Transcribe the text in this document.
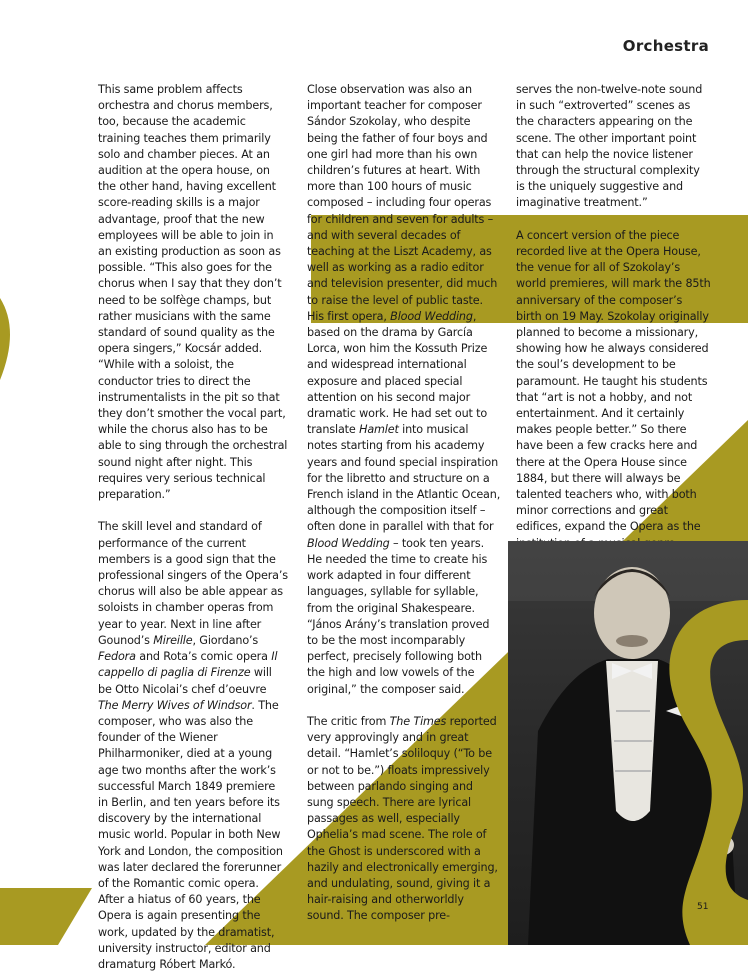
Orchestra

This same problem affects orchestra and chorus members, too, because the academic training teaches them primarily solo and chamber pieces. At an audition at the opera house, on the other hand, having excellent score-reading skills is a major advantage, proof that the new employees will be able to join in an existing production as soon as possible. “This also goes for the chorus when I say that they don’t need to be solfège champs, but rather musicians with the same standard of sound quality as the opera singers,” Kocsár added. “While with a soloist, the conductor tries to direct the instrumentalists in the pit so that they don’t smother the vocal part, while the chorus also has to be able to sing through the orchestral sound night after night. This requires very serious technical preparation.”

The skill level and standard of performance of the current members is a good sign that the professional singers of the Opera’s chorus will also be able appear as soloists in chamber operas from year to year. Next in line after Gounod’s Mireille, Giordano’s Fedora and Rota’s comic opera Il cappello di paglia di Firenze will be Otto Nicolai’s chef d’oeuvre The Merry Wives of Windsor. The composer, who was also the founder of the Wiener Philharmoniker, died at a young age two months after the work’s successful March 1849 premiere in Berlin, and ten years before its discovery by the international music world. Popular in both New York and London, the composition was later declared the forerunner of the Romantic comic opera. After a hiatus of 60 years, the Opera is again presenting the work, updated by the dramatist, university instructor, editor and dramaturg Róbert Markó.

Close observation was also an important teacher for composer Sándor Szokolay, who despite being the father of four boys and one girl had more than his own children’s futures at heart. With more than 100 hours of music composed – including four operas for children and seven for adults – and with several decades of teaching at the Liszt Academy, as well as working as a radio editor and television presenter, did much to raise the level of public taste. His first opera, Blood Wedding, based on the drama by García Lorca, won him the Kossuth Prize and widespread international exposure and placed special attention on his second major dramatic work. He had set out to translate Hamlet into musical notes starting from his academy years and found special inspiration for the libretto and structure on a French island in the Atlantic Ocean, although the composition itself – often done in parallel with that for Blood Wedding – took ten years. He needed the time to create his work adapted in four different languages, syllable for syllable, from the original Shakespeare. “János Arány’s translation proved to be the most incomparably perfect, precisely following both the high and low vowels of the original,” the composer said.

The critic from The Times reported very approvingly and in great detail. “Hamlet’s soliloquy (“To be or not to be.”) floats impressively between parlando singing and sung speech. There are lyrical passages as well, especially Ophelia’s mad scene. The role of the Ghost is underscored with a hazily and electronically emerging, and undulating, sound, giving it a hair-raising and otherworldly sound. The composer pre-

serves the non-twelve-note sound in such “extroverted” scenes as the characters appearing on the scene. The other important point that can help the novice listener through the structural complexity is the uniquely suggestive and imaginative treatment.”

A concert version of the piece recorded live at the Opera House, the venue for all of Szokolay’s world premieres, will mark the 85th anniversary of the composer’s birth on 19 May. Szokolay originally planned to become a missionary, showing how he always considered the soul’s development to be paramount. He taught his students that “art is not a hobby, and not entertainment. And it certainly makes people better.” So there have been a few cracks here and there at the Opera House since 1884, but there will always be talented teachers who, with both minor corrections and great edifices, expand the Opera as the

51
